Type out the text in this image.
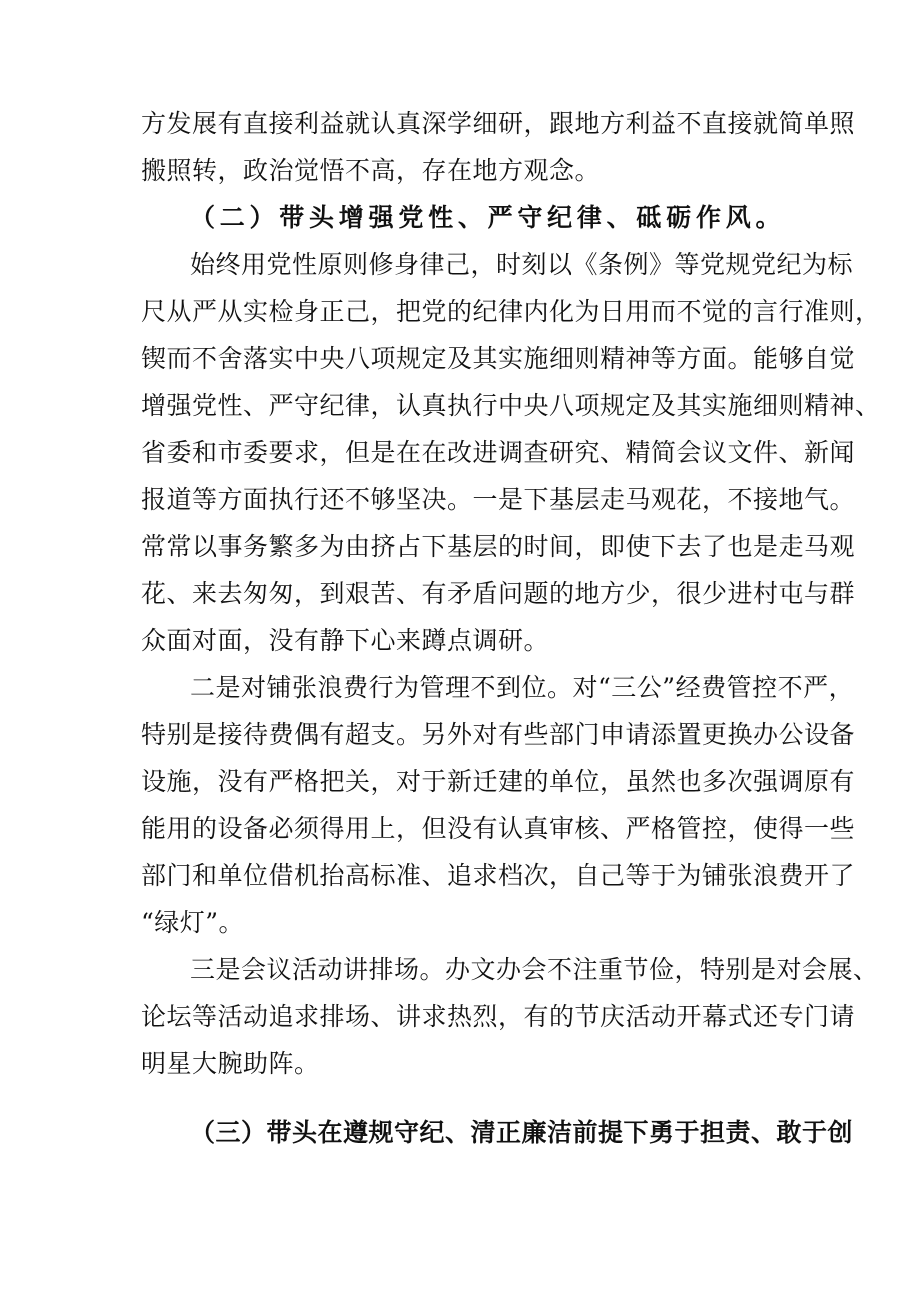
方发展有直接利益就认真深学细研，跟地方利益不直接就简单照
搬照转，政治觉悟不高，存在地方观念。
（二）带头增强党性、严守纪律、砥砺作风。
始终用党性原则修身律己，时刻以《条例》等党规党纪为标
尺从严从实检身正己，把党的纪律内化为日用而不觉的言行准则，
锲而不舍落实中央八项规定及其实施细则精神等方面。能够自觉
增强党性、严守纪律，认真执行中央八项规定及其实施细则精神、
省委和市委要求，但是在在改进调查研究、精简会议文件、新闻
报道等方面执行还不够坚决。一是下基层走马观花，不接地气。
常常以事务繁多为由挤占下基层的时间，即使下去了也是走马观
花、来去匆匆，到艰苦、有矛盾问题的地方少，很少进村屯与群
众面对面，没有静下心来蹲点调研。
二是对铺张浪费行为管理不到位。对“三公”经费管控不严，
特别是接待费偶有超支。另外对有些部门申请添置更换办公设备
设施，没有严格把关，对于新迁建的单位，虽然也多次强调原有
能用的设备必须得用上，但没有认真审核、严格管控，使得一些
部门和单位借机抬高标准、追求档次，自己等于为铺张浪费开了
“绿灯”。
三是会议活动讲排场。办文办会不注重节俭，特别是对会展、
论坛等活动追求排场、讲求热烈，有的节庆活动开幕式还专门请
明星大腕助阵。
（三）带头在遵规守纪、清正廉洁前提下勇于担责、敢于创
